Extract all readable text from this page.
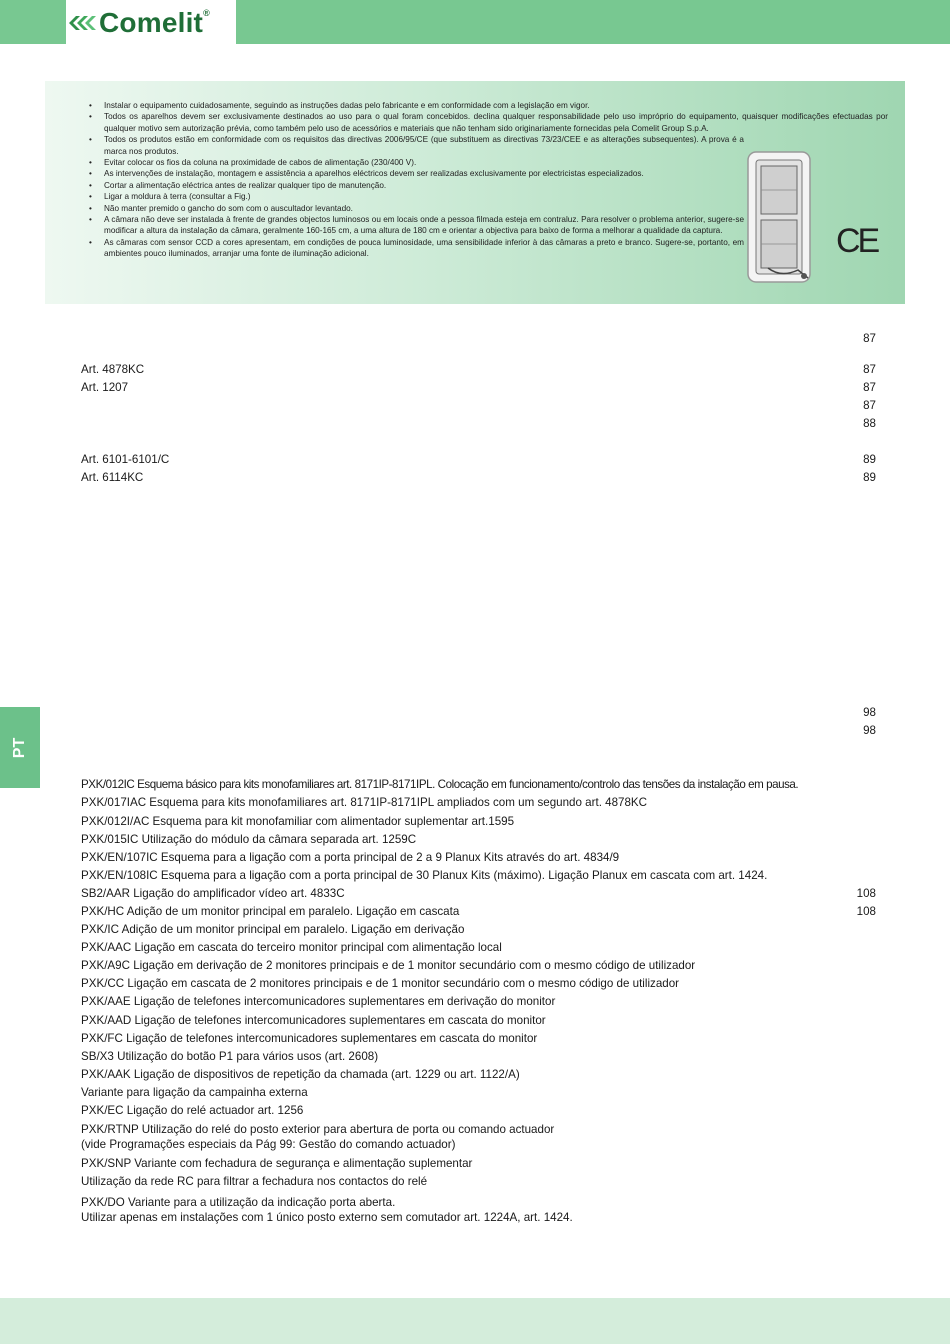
Comelit®
• Instalar o equipamento cuidadosamente, seguindo as instruções dadas pelo fabricante e em conformidade com a legislação em vigor.
• Todos os aparelhos devem ser exclusivamente destinados ao uso para o qual foram concebidos. declina qualquer responsabilidade pelo uso impróprio do equipamento, quaisquer modificações efectuadas por qualquer motivo sem autorização prévia, como também pelo uso de acessórios e materiais que não tenham sido originariamente fornecidas pela Comelit Group S.p.A.
• Todos os produtos estão em conformidade com os requisitos das directivas 2006/95/CE (que substituem as directivas 73/23/CEE e as alterações subsequentes). A prova é a marca nos produtos.
• Evitar colocar os fios da coluna na proximidade de cabos de alimentação (230/400 V).
• As intervenções de instalação, montagem e assistência a aparelhos eléctricos devem ser realizadas exclusivamente por electricistas especializados.
• Cortar a alimentação eléctrica antes de realizar qualquer tipo de manutenção.
• Ligar a moldura à terra (consultar a Fig.)
• Não manter premido o gancho do som com o auscultador levantado.
• A câmara não deve ser instalada à frente de grandes objectos luminosos ou em locais onde a pessoa filmada esteja em contraluz. Para resolver o problema anterior, sugere-se modificar a altura da instalação da câmara, geralmente 160-165 cm, a uma altura de 180 cm e orientar a objectiva para baixo de forma a melhorar a qualidade da captura.
• As câmaras com sensor CCD a cores apresentam, em condições de pouca luminosidade, uma sensibilidade inferior à das câmaras a preto e branco. Sugere-se, portanto, em ambientes pouco iluminados, arranjar uma fonte de iluminação adicional.	CE
87
Art. 4878KC	87
Art. 1207	87
87
88
Art. 6101-6101/C	89
Art. 6114KC	89
98
98
PXK/012IC Esquema básico para kits monofamiliares art. 8171IP-8171IPL. Colocação em funcionamento/controlo das tensões da instalação em pausa.
PXK/017IAC Esquema para kits monofamiliares art. 8171IP-8171IPL ampliados com um segundo art. 4878KC
PXK/012I/AC Esquema para kit monofamiliar com alimentador suplementar art.1595
PXK/015IC Utilização do módulo da câmara separada art. 1259C
PXK/EN/107IC Esquema para a ligação com a porta principal de 2 a 9 Planux Kits através do art. 4834/9
PXK/EN/108IC Esquema para a ligação com a porta principal de 30 Planux Kits (máximo). Ligação Planux em cascata com art. 1424.
SB2/AAR Ligação do amplificador vídeo art. 4833C	108
PXK/HC Adição de um monitor principal em paralelo. Ligação em cascata	108
PXK/IC Adição de um monitor principal em paralelo. Ligação em derivação
PXK/AAC Ligação em cascata do terceiro monitor principal com alimentação local
PXK/A9C Ligação em derivação de 2 monitores principais e de 1 monitor secundário com o mesmo código de utilizador
PXK/CC Ligação em cascata de 2 monitores principais e de 1 monitor secundário com o mesmo código de utilizador
PXK/AAE Ligação de telefones intercomunicadores suplementares em derivação do monitor
PXK/AAD Ligação de telefones intercomunicadores suplementares em cascata do monitor
PXK/FC Ligação de telefones intercomunicadores suplementares em cascata do monitor
SB/X3 Utilização do botão P1 para vários usos (art. 2608)
PXK/AAK Ligação de dispositivos de repetição da chamada (art. 1229 ou art. 1122/A)
Variante para ligação da campainha externa
PXK/EC Ligação do relé actuador art. 1256
PXK/RTNP Utilização do relé do posto exterior para abertura de porta ou comando actuador
(vide Programações especiais da Pág 99: Gestão do comando actuador)
PXK/SNP Variante com fechadura de segurança e alimentação suplementar
Utilização da rede RC para filtrar a fechadura nos contactos do relé
PXK/DO Variante para a utilização da indicação porta aberta.
Utilizar apenas em instalações com 1 único posto externo sem comutador art. 1224A, art. 1424.
PT
